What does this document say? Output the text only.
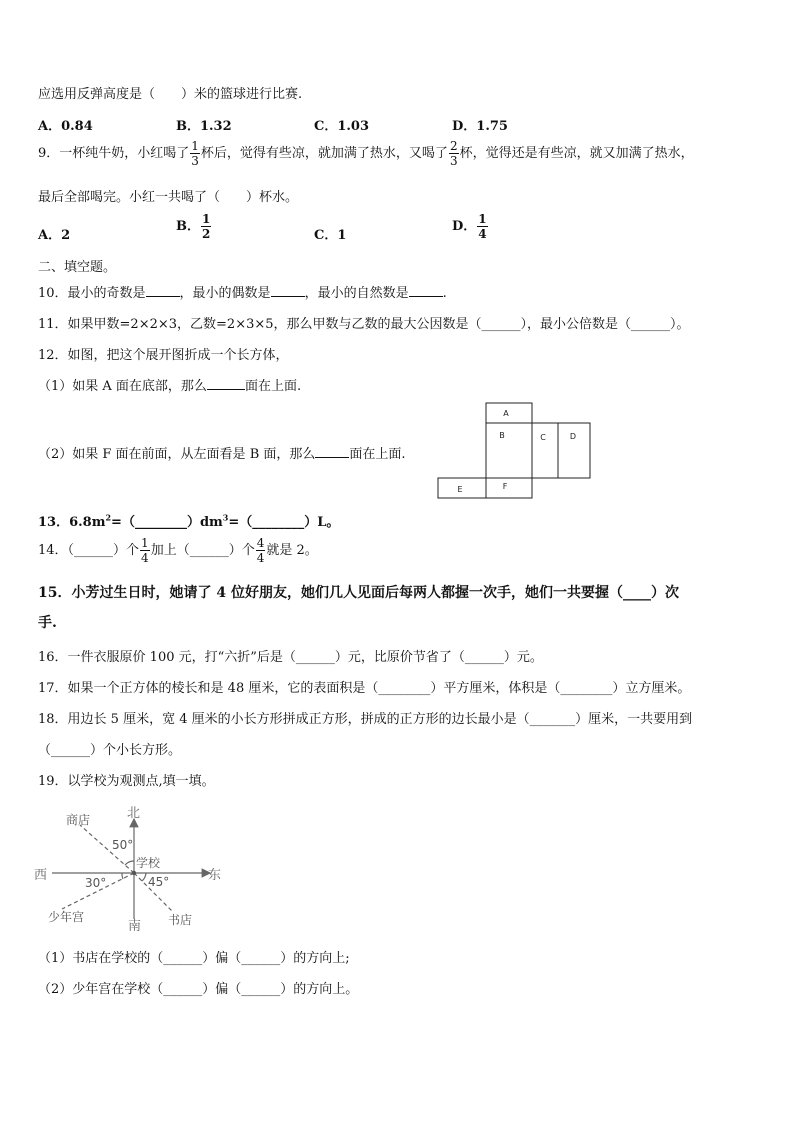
应选用反弹高度是（　　）米的篮球进行比赛.
A．0.84	B．1.32	C．1.03	D．1.75
9．一杯纯牛奶，小红喝了 $\frac{1}{3}$ 杯后，觉得有些凉，就加满了热水，又喝了 $\frac{2}{3}$ 杯，觉得还是有些凉，就又加满了热水，
最后全部喝完。小红一共喝了（　　）杯水。
A．2
B． $\frac{1}{2}$	C．1
D． $\frac{1}{4}$
二、填空题。
10．最小的奇数是	，最小的偶数是	，最小的自然数是	.
11．如果甲数=2×2×3，乙数=2×3×5，那么甲数与乙数的最大公因数是（______），最小公倍数是（______）。
12．如图，把这个展开图折成一个长方体，
（1）如果 A 面在底部，那么	面在上面.
（2）如果 F 面在前面，从左面看是 B 面，那么	面在上面.
A
B	C	D
E	F
13．$6.8m^2=(\_\_\_\_\_\_\_\_)dm^3=(\_\_\_\_\_\_\_\_)L$。
14．（______）个 $\frac{1}{4}$ 加上（______）个 $\frac{4}{4}$ 就是 2。
15．小芳过生日时，她请了 4 位好朋友，她们几人见面后每两人都握一次手，她们一共要握（____）次
手.
16．一件衣服原价 100 元，打“六折”后是（______）元，比原价节省了（______）元。
17．如果一个正方体的棱长和是 48 厘米，它的表面积是（________）平方厘米，体积是（________）立方厘米。
18．用边长 5 厘米，宽 4 厘米的小长方形拼成正方形，拼成的正方形的边长最小是（_______）厘米，一共要用到
（______）个小长方形。
19．以学校为观测点,填一填。
北
南
东
西
学校
商店
少年宫	书店
50°
30°	45°
（1）书店在学校的（______）偏（______）的方向上;
（2）少年宫在学校（______）偏（______）的方向上。
